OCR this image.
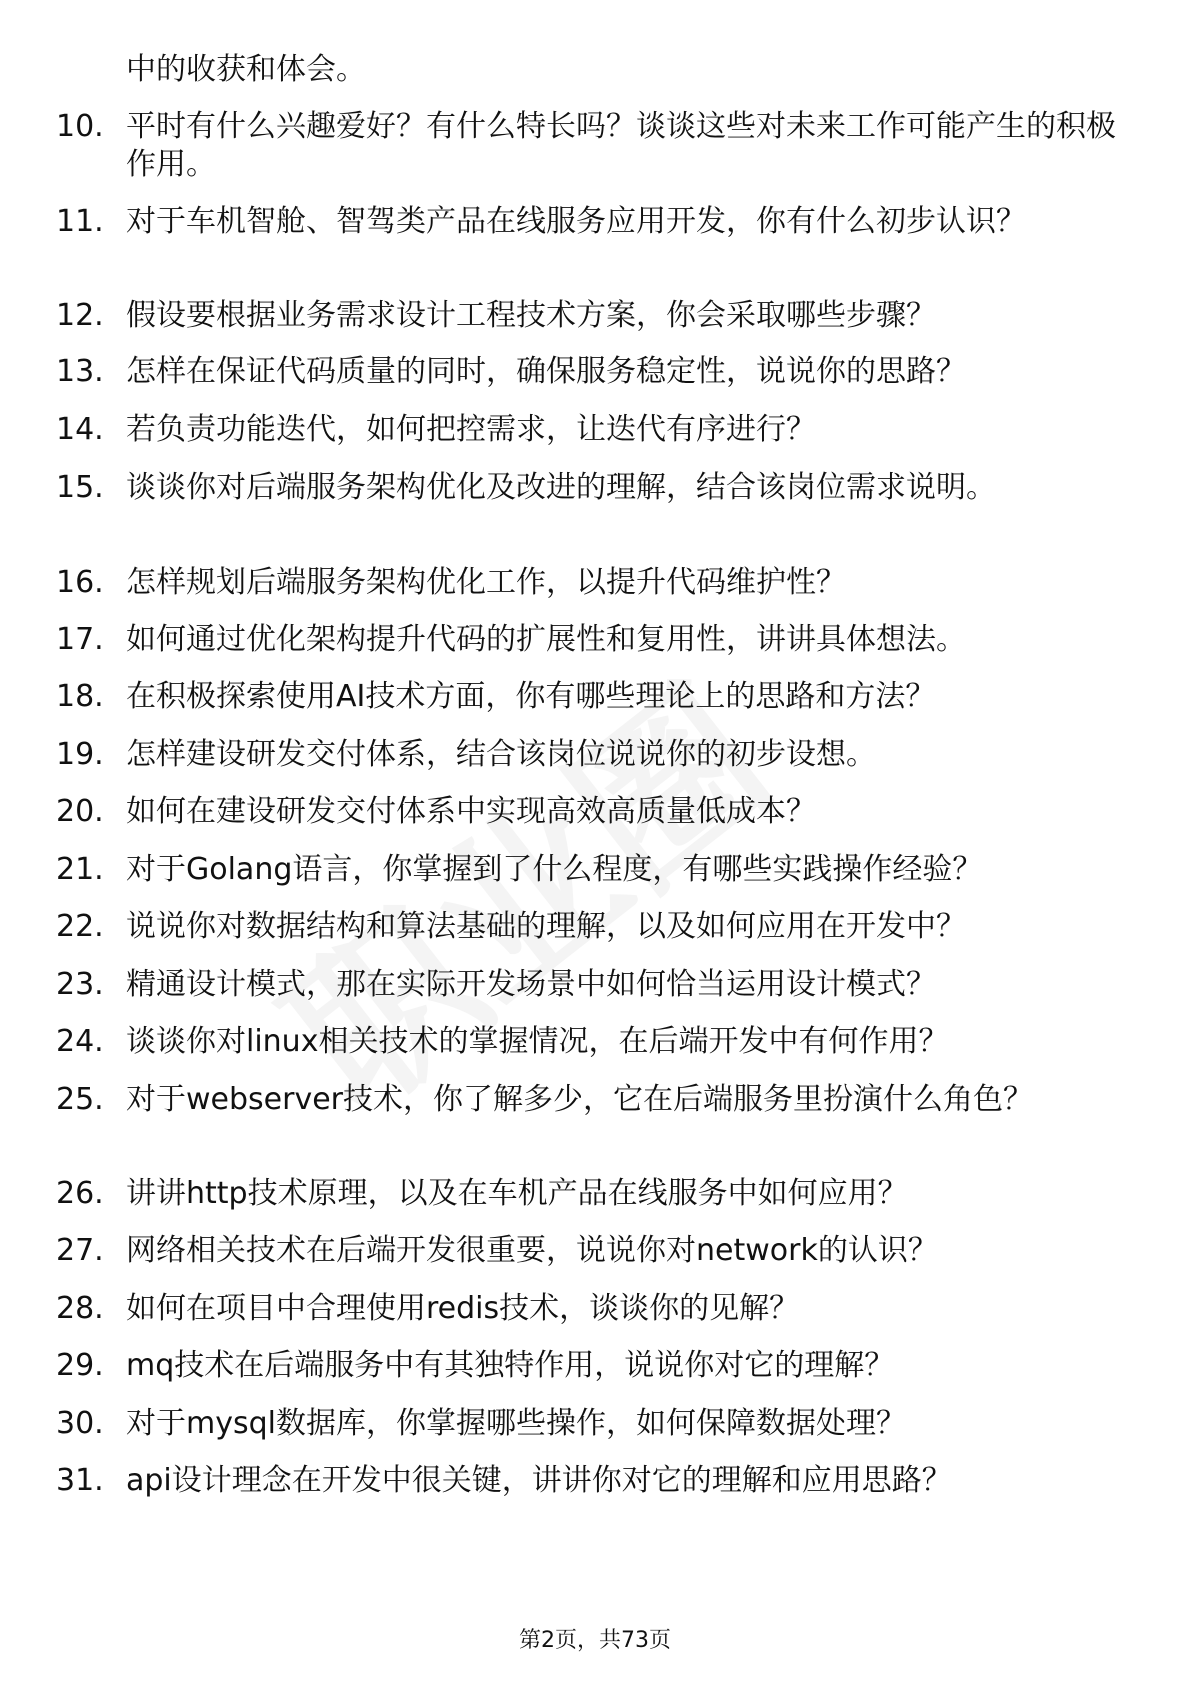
中的收获和体会。
10. 平时有什么兴趣爱好？有什么特长吗？谈谈这些对未来工作可能产生的积极作用。
11. 对于车机智舱、智驾类产品在线服务应用开发，你有什么初步认识？
12. 假设要根据业务需求设计工程技术方案，你会采取哪些步骤？
13. 怎样在保证代码质量的同时，确保服务稳定性，说说你的思路？
14. 若负责功能迭代，如何把控需求，让迭代有序进行？
15. 谈谈你对后端服务架构优化及改进的理解，结合该岗位需求说明。
16. 怎样规划后端服务架构优化工作，以提升代码维护性？
17. 如何通过优化架构提升代码的扩展性和复用性，讲讲具体想法。
18. 在积极探索使用AI技术方面，你有哪些理论上的思路和方法？
19. 怎样建设研发交付体系，结合该岗位说说你的初步设想。
20. 如何在建设研发交付体系中实现高效高质量低成本？
21. 对于Golang语言，你掌握到了什么程度，有哪些实践操作经验？
22. 说说你对数据结构和算法基础的理解，以及如何应用在开发中？
23. 精通设计模式，那在实际开发场景中如何恰当运用设计模式？
24. 谈谈你对linux相关技术的掌握情况，在后端开发中有何作用？
25. 对于webserver技术，你了解多少，它在后端服务里扮演什么角色？
26. 讲讲http技术原理，以及在车机产品在线服务中如何应用？
27. 网络相关技术在后端开发很重要，说说你对network的认识？
28. 如何在项目中合理使用redis技术，谈谈你的见解？
29. mq技术在后端服务中有其独特作用，说说你对它的理解？
30. 对于mysql数据库，你掌握哪些操作，如何保障数据处理？
31. api设计理念在开发中很关键，讲讲你对它的理解和应用思路？
第2页，共73页
